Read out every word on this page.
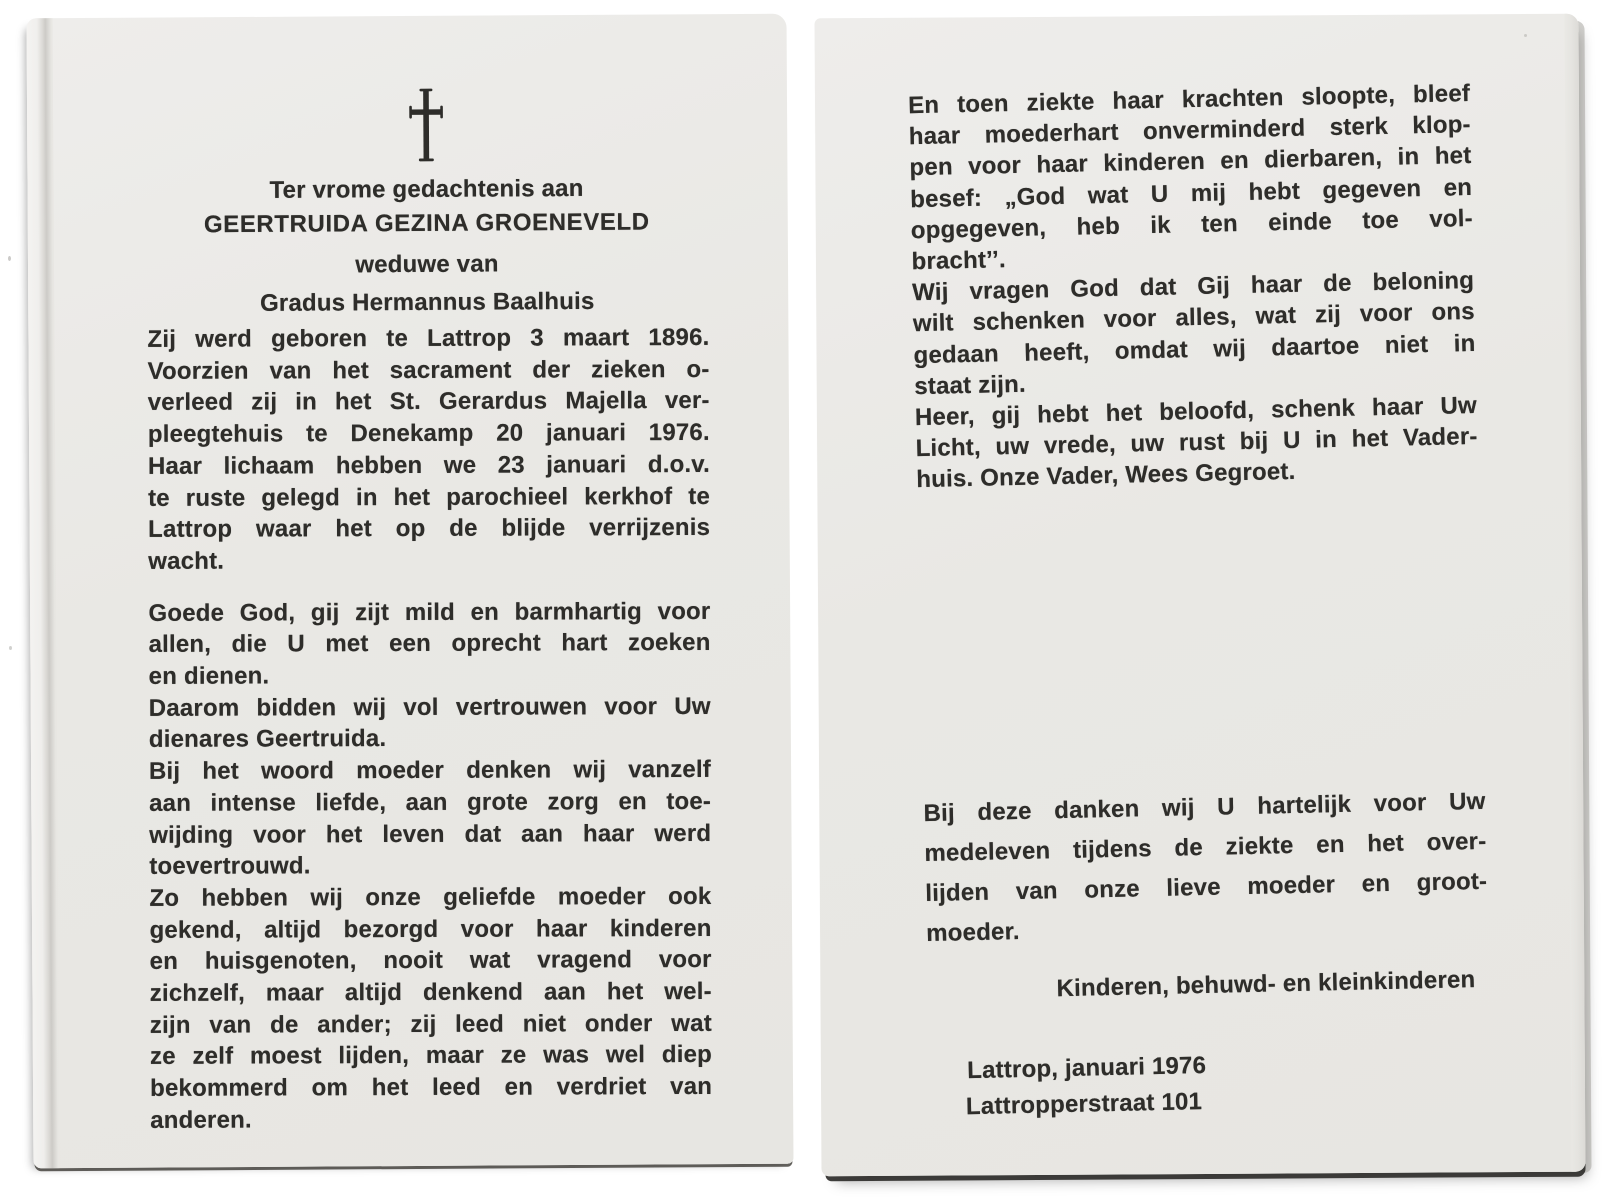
Ter vrome gedachtenis aan
GEERTRUIDA GEZINA GROENEVELD
weduwe van
Gradus Hermannus Baalhuis
Zij werd geboren te Lattrop 3 maart 1896.
Voorzien van het sacrament der zieken o-
verleed zij in het St. Gerardus Majella ver-
pleegtehuis te Denekamp 20 januari 1976.
Haar lichaam hebben we 23 januari d.o.v.
te ruste gelegd in het parochieel kerkhof te
Lattrop waar het op de blijde verrijzenis
wacht.
Goede God, gij zijt mild en barmhartig voor
allen, die U met een oprecht hart zoeken
en dienen.
Daarom bidden wij vol vertrouwen voor Uw
dienares Geertruida.
Bij het woord moeder denken wij vanzelf
aan intense liefde, aan grote zorg en toe-
wijding voor het leven dat aan haar werd
toevertrouwd.
Zo hebben wij onze geliefde moeder ook
gekend, altijd bezorgd voor haar kinderen
en huisgenoten, nooit wat vragend voor
zichzelf, maar altijd denkend aan het wel-
zijn van de ander; zij leed niet onder wat
ze zelf moest lijden, maar ze was wel diep
bekommerd om het leed en verdriet van
anderen.
En toen ziekte haar krachten sloopte, bleef
haar moederhart onverminderd sterk klop-
pen voor haar kinderen en dierbaren, in het
besef: „God wat U mij hebt gegeven en
opgegeven, heb ik ten einde toe vol-
bracht’’.
Wij vragen God dat Gij haar de beloning
wilt schenken voor alles, wat zij voor ons
gedaan heeft, omdat wij daartoe niet in
staat zijn.
Heer, gij hebt het beloofd, schenk haar Uw
Licht, uw vrede, uw rust bij U in het Vader-
huis. Onze Vader, Wees Gegroet.
Bij deze danken wij U hartelijk voor Uw
medeleven tijdens de ziekte en het over-
lijden van onze lieve moeder en groot-
moeder.
Kinderen, behuwd- en kleinkinderen
Lattrop, januari 1976
Lattropperstraat 101
